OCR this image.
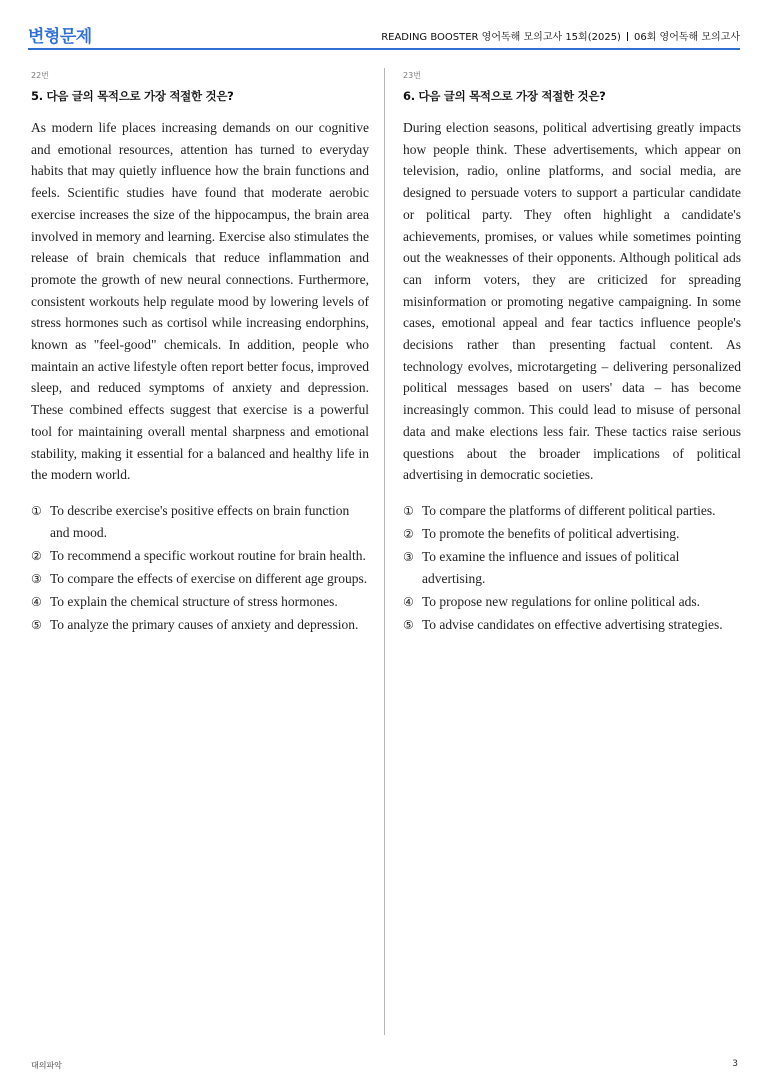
변형문제	READING BOOSTER 영어독해 모의고사 15회(2025) 06회 영어독해 모의고사
22번
5. 다음 글의 목적으로 가장 적절한 것은?
As modern life places increasing demands on our cognitive and emotional resources, attention has turned to everyday habits that may quietly influence how the brain functions and feels. Scientific studies have found that moderate aerobic exercise increases the size of the hippocampus, the brain area involved in memory and learning. Exercise also stimulates the release of brain chemicals that reduce inflammation and promote the growth of new neural connections. Furthermore, consistent workouts help regulate mood by lowering levels of stress hormones such as cortisol while increasing endorphins, known as "feel-good" chemicals. In addition, people who maintain an active lifestyle often report better focus, improved sleep, and reduced symptoms of anxiety and depression. These combined effects suggest that exercise is a powerful tool for maintaining overall mental sharpness and emotional stability, making it essential for a balanced and healthy life in the modern world.
① To describe exercise's positive effects on brain function and mood.
② To recommend a specific workout routine for brain health.
③ To compare the effects of exercise on different age groups.
④ To explain the chemical structure of stress hormones.
⑤ To analyze the primary causes of anxiety and depression.
23번
6. 다음 글의 목적으로 가장 적절한 것은?
During election seasons, political advertising greatly impacts how people think. These advertisements, which appear on television, radio, online platforms, and social media, are designed to persuade voters to support a particular candidate or political party. They often highlight a candidate's achievements, promises, or values while sometimes pointing out the weaknesses of their opponents. Although political ads can inform voters, they are criticized for spreading misinformation or promoting negative campaigning. In some cases, emotional appeal and fear tactics influence people's decisions rather than presenting factual content. As technology evolves, microtargeting – delivering personalized political messages based on users' data – has become increasingly common. This could lead to misuse of personal data and make elections less fair. These tactics raise serious questions about the broader implications of political advertising in democratic societies.
① To compare the platforms of different political parties.
② To promote the benefits of political advertising.
③ To examine the influence and issues of political advertising.
④ To propose new regulations for online political ads.
⑤ To advise candidates on effective advertising strategies.
대의파악	3
